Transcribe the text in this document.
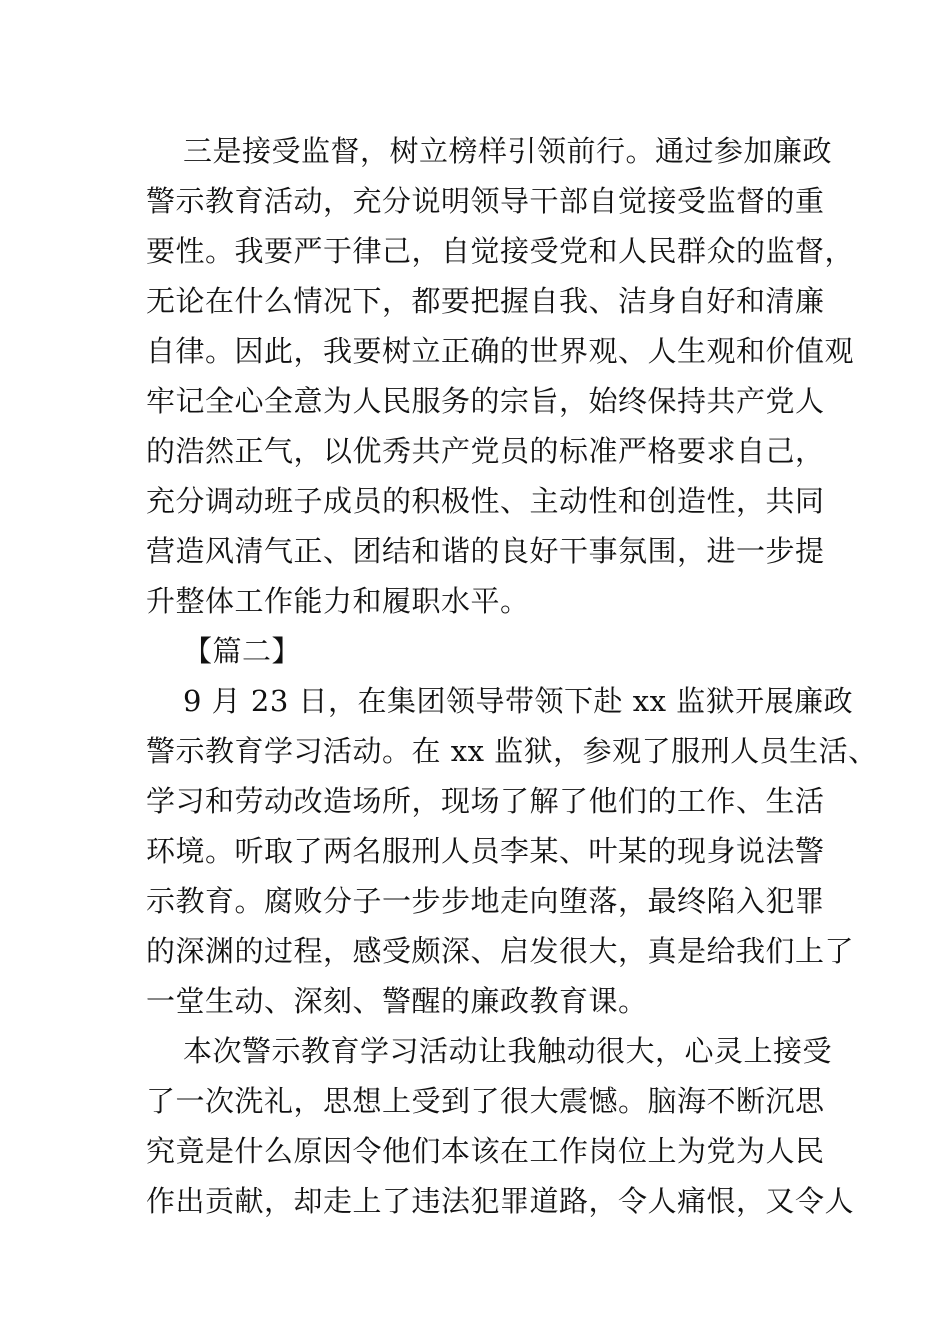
三是接受监督，树立榜样引领前行。通过参加廉政
警示教育活动，充分说明领导干部自觉接受监督的重
要性。我要严于律己，自觉接受党和人民群众的监督，
无论在什么情况下，都要把握自我、洁身自好和清廉
自律。因此，我要树立正确的世界观、人生观和价值观
牢记全心全意为人民服务的宗旨，始终保持共产党人
的浩然正气，以优秀共产党员的标准严格要求自己，
充分调动班子成员的积极性、主动性和创造性，共同
营造风清气正、团结和谐的良好干事氛围，进一步提
升整体工作能力和履职水平。
【篇二】
9 月 23 日，在集团领导带领下赴 xx 监狱开展廉政
警示教育学习活动。在 xx 监狱，参观了服刑人员生活、
学习和劳动改造场所，现场了解了他们的工作、生活
环境。听取了两名服刑人员李某、叶某的现身说法警
示教育。腐败分子一步步地走向堕落，最终陷入犯罪
的深渊的过程，感受颇深、启发很大，真是给我们上了
一堂生动、深刻、警醒的廉政教育课。
本次警示教育学习活动让我触动很大，心灵上接受
了一次洗礼，思想上受到了很大震憾。脑海不断沉思
究竟是什么原因令他们本该在工作岗位上为党为人民
作出贡献，却走上了违法犯罪道路，令人痛恨，又令人
